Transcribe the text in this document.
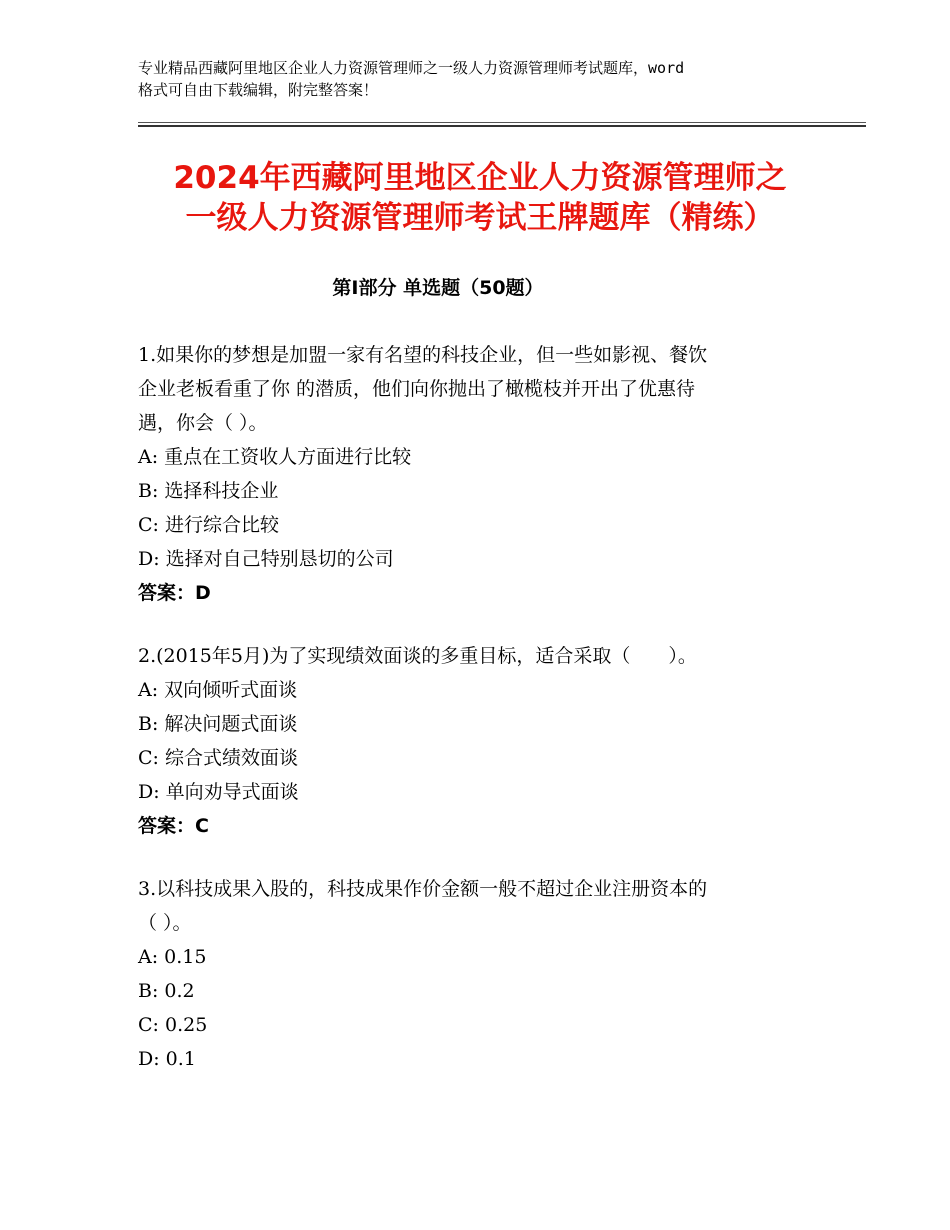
专业精品西藏阿里地区企业人力资源管理师之一级人力资源管理师考试题库，word
格式可自由下载编辑，附完整答案！
2024年西藏阿里地区企业人力资源管理师之
一级人力资源管理师考试王牌题库（精练）
第Ⅰ部分 单选题（50题）
1.如果你的梦想是加盟一家有名望的科技企业，但一些如影视、餐饮
企业老板看重了你 的潜质，他们向你抛出了橄榄枝并开出了优惠待
遇，你会（ ）。
A: 重点在工资收人方面进行比较
B: 选择科技企业
C: 进行综合比较
D: 选择对自己特别恳切的公司
答案：D
2.(2015年5月)为了实现绩效面谈的多重目标，适合采取（　　）。
A: 双向倾听式面谈
B: 解决问题式面谈
C: 综合式绩效面谈
D: 单向劝导式面谈
答案：C
3.以科技成果入股的，科技成果作价金额一般不超过企业注册资本的
（ ）。
A: 0.15
B: 0.2
C: 0.25
D: 0.1
